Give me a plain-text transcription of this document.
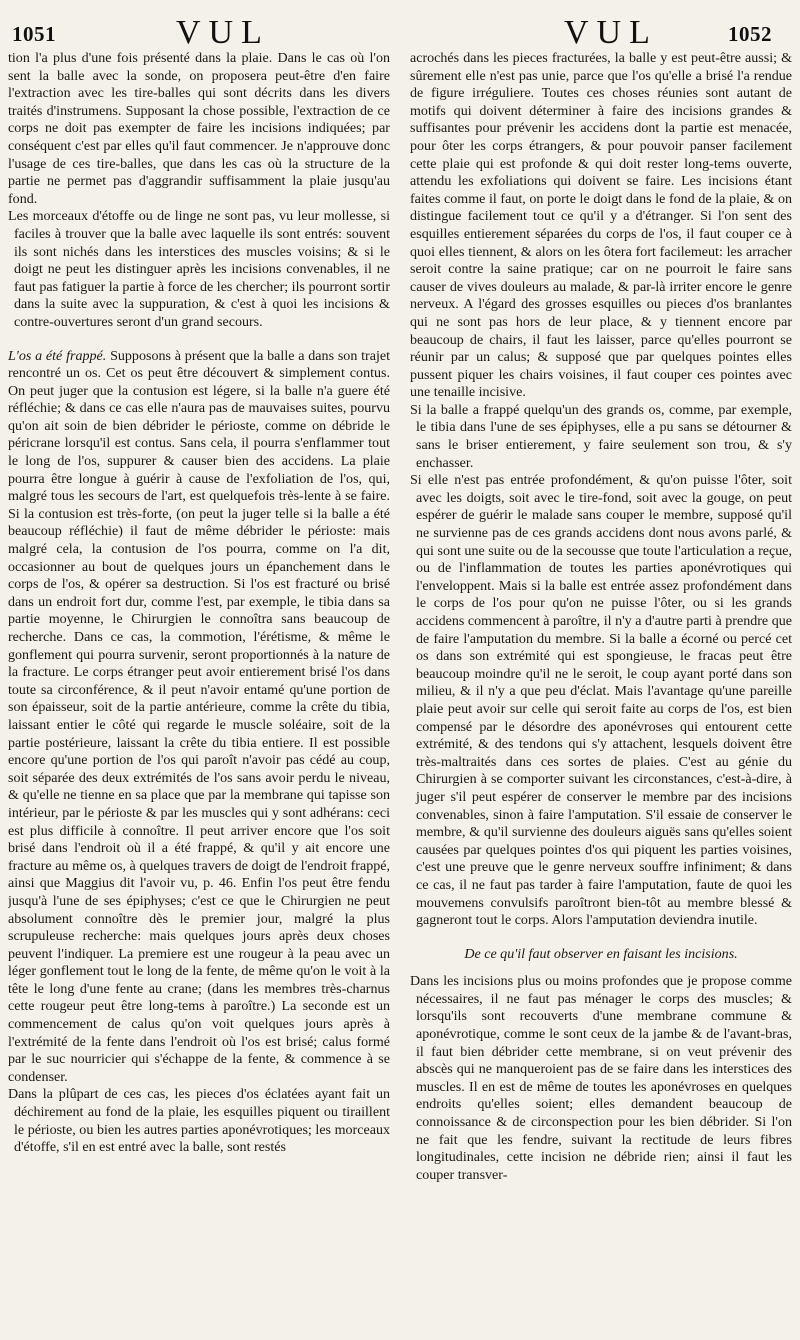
1051	VUL	VUL	1052

tion l'a plus d'une fois présenté dans la plaie. Dans le cas où l'on sent la balle avec la sonde, on proposera peut-être d'en faire l'extraction avec les tire-balles qui sont décrits dans les divers traités d'instrumens. Supposant la chose possible, l'extraction de ce corps ne doit pas exempter de faire les incisions indiquées; par conséquent c'est par elles qu'il faut commencer. Je n'approuve donc l'usage de ces tire-balles, que dans les cas où la structure de la partie ne permet pas d'aggrandir suffisamment la plaie jusqu'au fond.

Les morceaux d'étoffe ou de linge ne sont pas, vu leur mollesse, si faciles à trouver que la balle avec laquelle ils sont entrés: souvent ils sont nichés dans les interstices des muscles voisins; & si le doigt ne peut les distinguer après les incisions convenables, il ne faut pas fatiguer la partie à force de les chercher; ils pourront sortir dans la suite avec la suppuration, & c'est à quoi les incisions & contre-ouvertures seront d'un grand secours.

L'os a été frappé. Supposons à présent que la balle a dans son trajet rencontré un os. Cet os peut être découvert & simplement contus. On peut juger que la contusion est légere, si la balle n'a guere été réfléchie; & dans ce cas elle n'aura pas de mauvaises suites, pourvu qu'on ait soin de bien débrider le périoste, comme on débride le péricrane lorsqu'il est contus. Sans cela, il pourra s'enflammer tout le long de l'os, suppurer & causer bien des accidens. La plaie pourra être longue à guérir à cause de l'exfoliation de l'os, qui, malgré tous les secours de l'art, est quelquefois très-lente à se faire. Si la contusion est très-forte, (on peut la juger telle si la balle a été beaucoup réfléchie) il faut de même débrider le périoste: mais malgré cela, la contusion de l'os pourra, comme on l'a dit, occasionner au bout de quelques jours un épanchement dans le corps de l'os, & opérer sa destruction. Si l'os est fracturé ou brisé dans un endroit fort dur, comme l'est, par exemple, le tibia dans sa partie moyenne, le Chirurgien le connoîtra sans beaucoup de recherche. Dans ce cas, la commotion, l'érétisme, & même le gonflement qui pourra survenir, seront proportionnés à la nature de la fracture. Le corps étranger peut avoir entierement brisé l'os dans toute sa circonférence, & il peut n'avoir entamé qu'une portion de son épaisseur, soit de la partie antérieure, comme la crête du tibia, laissant entier le côté qui regarde le muscle soléaire, soit de la partie postérieure, laissant la crête du tibia entiere. Il est possible encore qu'une portion de l'os qui paroît n'avoir pas cédé au coup, soit séparée des deux extrémités de l'os sans avoir perdu le niveau, & qu'elle ne tienne en sa place que par la membrane qui tapisse son intérieur, par le périoste & par les muscles qui y sont adhérans: ceci est plus difficile à connoître. Il peut arriver encore que l'os soit brisé dans l'endroit où il a été frappé, & qu'il y ait encore une fracture au même os, à quelques travers de doigt de l'endroit frappé, ainsi que Maggius dit l'avoir vu, p. 46. Enfin l'os peut être fendu jusqu'à l'une de ses épiphyses; c'est ce que le Chirurgien ne peut absolument connoître dès le premier jour, malgré la plus scrupuleuse recherche: mais quelques jours après deux choses peuvent l'indiquer. La premiere est une rougeur à la peau avec un léger gonflement tout le long de la fente, de même qu'on le voit à la tête le long d'une fente au crane; (dans les membres très-charnus cette rougeur peut être long-tems à paroître.) La seconde est un commencement de calus qu'on voit quelques jours après à l'extrémité de la fente dans l'endroit où l'os est brisé; calus formé par le suc nourricier qui s'échappe de la fente, & commence à se condenser.

Dans la plûpart de ces cas, les pieces d'os éclatées ayant fait un déchirement au fond de la plaie, les esquilles piquent ou tiraillent le périoste, ou bien les autres parties aponévrotiques; les morceaux d'étoffe, s'il en est entré avec la balle, sont restés

acrochés dans les pieces fracturées, la balle y est peut-être aussi; & sûrement elle n'est pas unie, parce que l'os qu'elle a brisé l'a rendue de figure irréguliere. Toutes ces choses réunies sont autant de motifs qui doivent déterminer à faire des incisions grandes & suffisantes pour prévenir les accidens dont la partie est menacée, pour ôter les corps étrangers, & pour pouvoir panser facilement cette plaie qui est profonde & qui doit rester long-tems ouverte, attendu les exfoliations qui doivent se faire. Les incisions étant faites comme il faut, on porte le doigt dans le fond de la plaie, & on distingue facilement tout ce qu'il y a d'étranger. Si l'on sent des esquilles entierement séparées du corps de l'os, il faut couper ce à quoi elles tiennent, & alors on les ôtera fort facilemeut: les arracher seroit contre la saine pratique; car on ne pourroit le faire sans causer de vives douleurs au malade, & par-là irriter encore le genre nerveux. A l'égard des grosses esquilles ou pieces d'os branlantes qui ne sont pas hors de leur place, & y tiennent encore par beaucoup de chairs, il faut les laisser, parce qu'elles pourront se réunir par un calus; & supposé que par quelques pointes elles pussent piquer les chairs voisines, il faut couper ces pointes avec une tenaille incisive.

Si la balle a frappé quelqu'un des grands os, comme, par exemple, le tibia dans l'une de ses épiphyses, elle a pu sans se détourner & sans le briser entierement, y faire seulement son trou, & s'y enchasser.

Si elle n'est pas entrée profondément, & qu'on puisse l'ôter, soit avec les doigts, soit avec le tire-fond, soit avec la gouge, on peut espérer de guérir le malade sans couper le membre, supposé qu'il ne survienne pas de ces grands accidens dont nous avons parlé, & qui sont une suite ou de la secousse que toute l'articulation a reçue, ou de l'inflammation de toutes les parties aponévrotiques qui l'enveloppent. Mais si la balle est entrée assez profondément dans le corps de l'os pour qu'on ne puisse l'ôter, ou si les grands accidens commencent à paroître, il n'y a d'autre parti à prendre que de faire l'amputation du membre. Si la balle a écorné ou percé cet os dans son extrémité qui est spongieuse, le fracas peut être beaucoup moindre qu'il ne le seroit, le coup ayant porté dans son milieu, & il n'y a que peu d'éclat. Mais l'avantage qu'une pareille plaie peut avoir sur celle qui seroit faite au corps de l'os, est bien compensé par le désordre des aponévroses qui entourent cette extrémité, & des tendons qui s'y attachent, lesquels doivent être très-maltraités dans ces sortes de plaies. C'est au génie du Chirurgien à se comporter suivant les circonstances, c'est-à-dire, à juger s'il peut espérer de conserver le membre par des incisions convenables, sinon à faire l'amputation. S'il essaie de conserver le membre, & qu'il survienne des douleurs aiguës sans qu'elles soient causées par quelques pointes d'os qui piquent les parties voisines, c'est une preuve que le genre nerveux souffre infiniment; & dans ce cas, il ne faut pas tarder à faire l'amputation, faute de quoi les mouvemens convulsifs paroîtront bien-tôt au membre blessé & gagneront tout le corps. Alors l'amputation deviendra inutile.

De ce qu'il faut observer en faisant les incisions.

Dans les incisions plus ou moins profondes que je propose comme nécessaires, il ne faut pas ménager le corps des muscles; & lorsqu'ils sont recouverts d'une membrane commune & aponévrotique, comme le sont ceux de la jambe & de l'avant-bras, il faut bien débrider cette membrane, si on veut prévenir des abscès qui ne manqueroient pas de se faire dans les interstices des muscles. Il en est de même de toutes les aponévroses en quelques endroits qu'elles soient; elles demandent beaucoup de connoissance & de circonspection pour les bien débrider. Si l'on ne fait que les fendre, suivant la rectitude de leurs fibres longitudinales, cette incision ne débride rien; ainsi il faut les couper transver-
